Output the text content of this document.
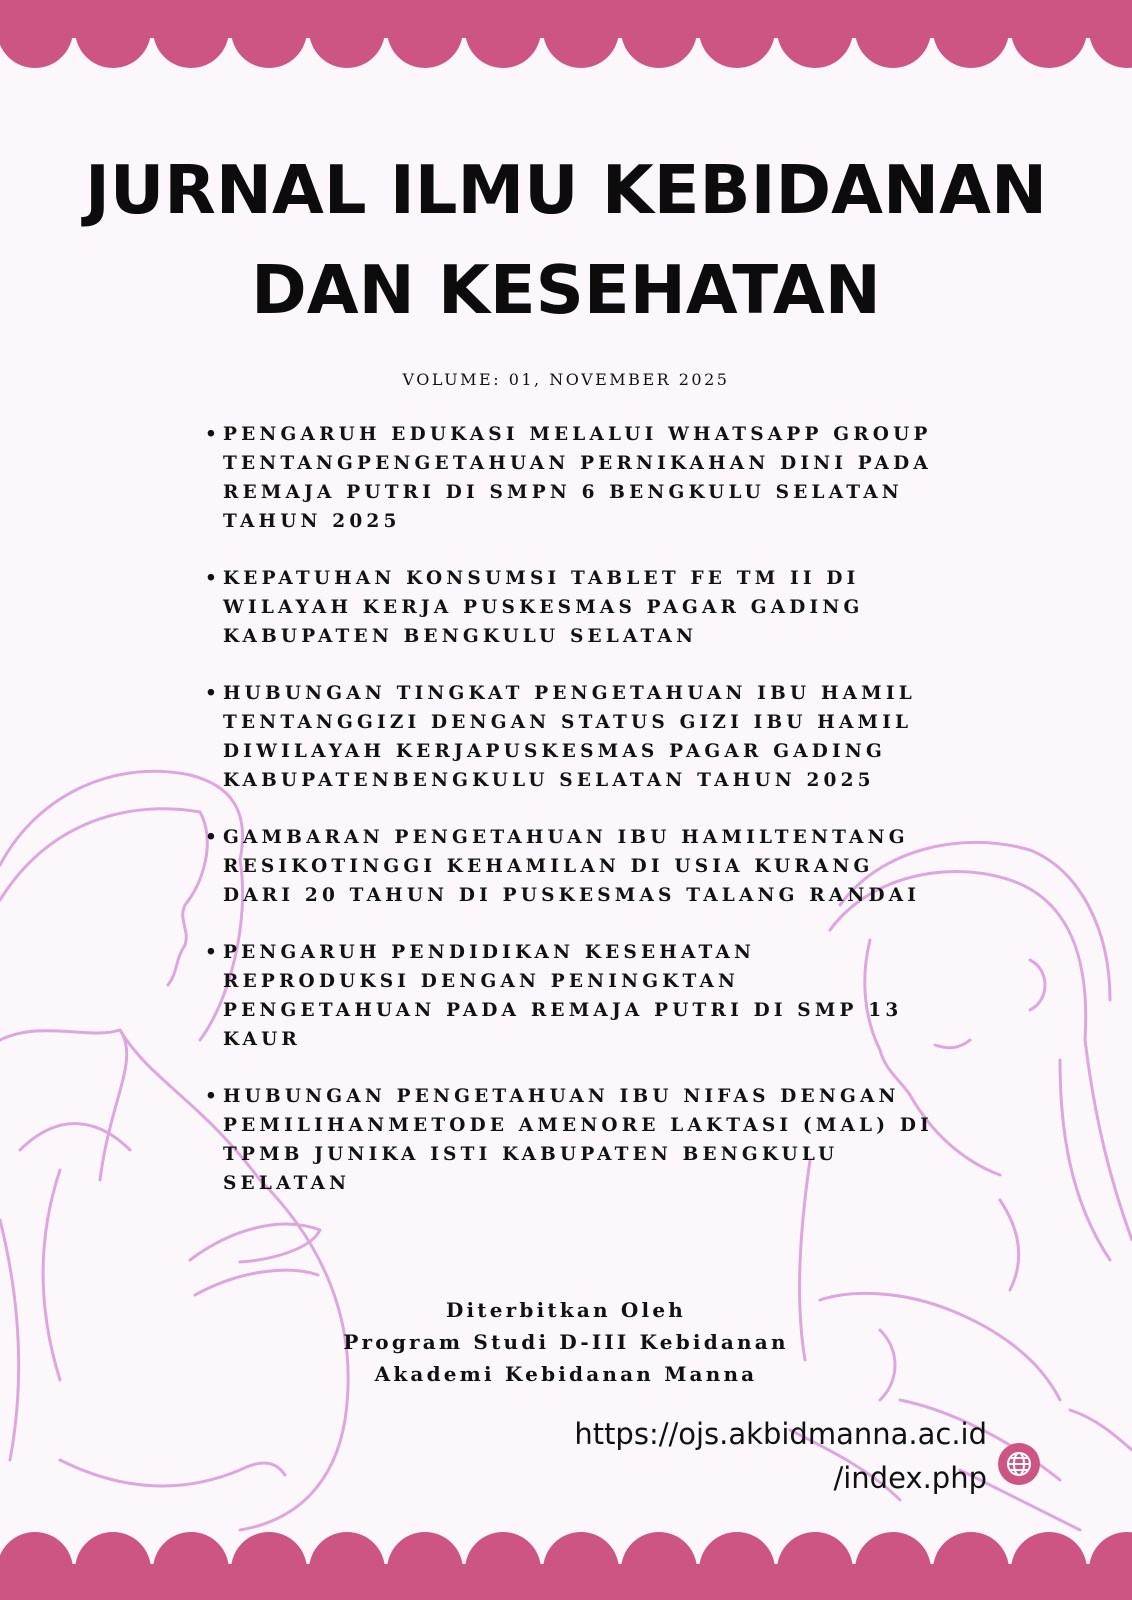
JURNAL ILMU KEBIDANAN
DAN KESEHATAN
VOLUME: 01, NOVEMBER 2025
• PENGARUH EDUKASI MELALUI WHATSAPP GROUP
TENTANGPENGETAHUAN PERNIKAHAN DINI PADA
REMAJA PUTRI DI SMPN 6 BENGKULU SELATAN
TAHUN 2025
• KEPATUHAN KONSUMSI TABLET FE TM II DI
WILAYAH KERJA PUSKESMAS PAGAR GADING
KABUPATEN BENGKULU SELATAN
• HUBUNGAN TINGKAT PENGETAHUAN IBU HAMIL
TENTANGGIZI DENGAN STATUS GIZI IBU HAMIL
DIWILAYAH KERJAPUSKESMAS PAGAR GADING
KABUPATENBENGKULU SELATAN TAHUN 2025
• GAMBARAN PENGETAHUAN IBU HAMILTENTANG
RESIKOTINGGI KEHAMILAN DI USIA KURANG
DARI 20 TAHUN DI PUSKESMAS TALANG RANDAI
• PENGARUH PENDIDIKAN KESEHATAN
REPRODUKSI DENGAN PENINGKTAN
PENGETAHUAN PADA REMAJA PUTRI DI SMP 13
KAUR
• HUBUNGAN PENGETAHUAN IBU NIFAS DENGAN
PEMILIHANMETODE AMENORE LAKTASI (MAL) DI
TPMB JUNIKA ISTI KABUPATEN BENGKULU
SELATAN
Diterbitkan Oleh
Program Studi D-III Kebidanan
Akademi Kebidanan Manna
https://ojs.akbidmanna.ac.id
/index.php
